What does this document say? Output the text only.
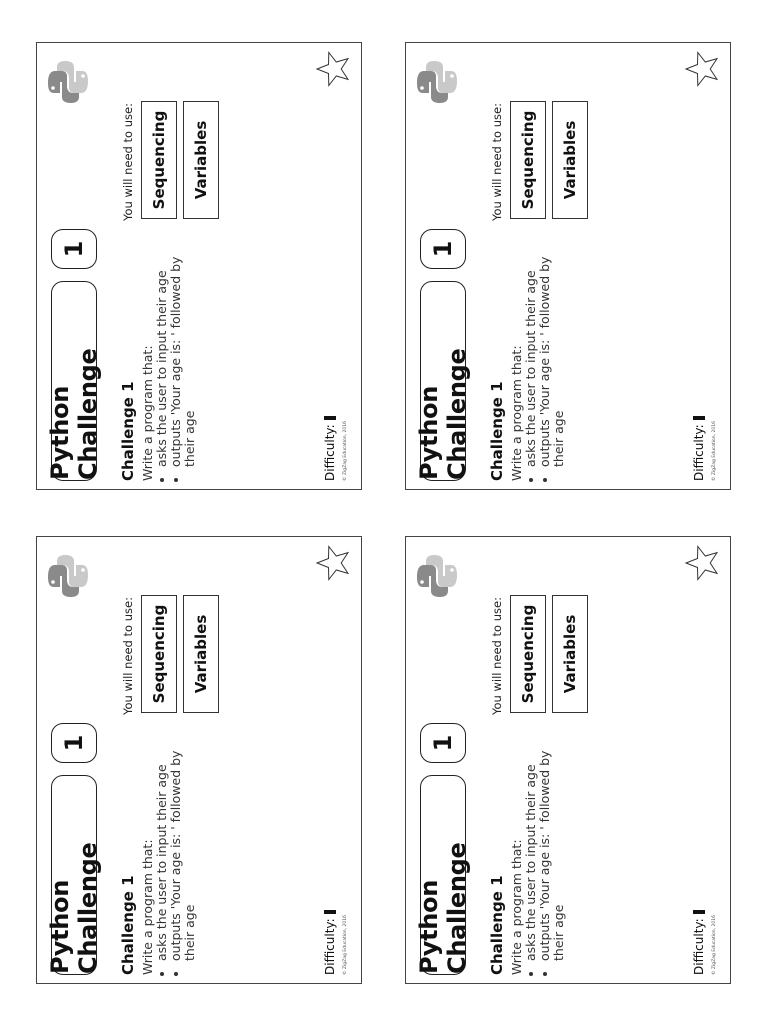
Python Challenge
1
Challenge 1 Write a program that: • asks the user to input their age • outputs 'Your age is: ' followed by their age
You will need to use:	Sequencing	Variables
Difficulty: © ZigZag Education, 2016	Python Challenge
1
Challenge 1 Write a program that: • asks the user to input their age • outputs 'Your age is: ' followed by their age
You will need to use:	Sequencing	Variables
Difficulty: © ZigZag Education, 2016
Python Challenge
1
Challenge 1 Write a program that: • asks the user to input their age • outputs 'Your age is: ' followed by their age
You will need to use:	Sequencing	Variables
Difficulty: © ZigZag Education, 2016	Python Challenge
1
Challenge 1 Write a program that: • asks the user to input their age • outputs 'Your age is: ' followed by their age
You will need to use:	Sequencing	Variables
Difficulty: © ZigZag Education, 2016
